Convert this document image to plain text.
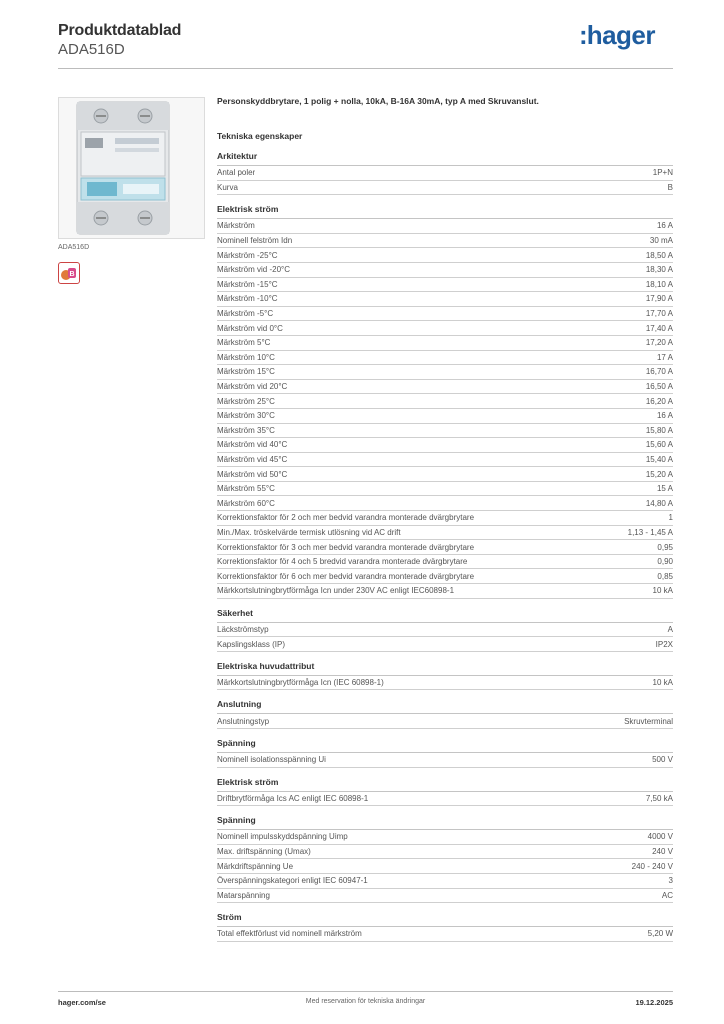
Produktdatablad
ADA516D	: hager
ADA516D
B
Personskyddbrytare, 1 polig + nolla, 10kA, B-16A 30mA, typ A med Skruvanslut.
Tekniska egenskaper
Arkitektur
Antal poler	1P+N
Kurva	B
Elektrisk ström
Märkström	16 A
Nominell felström Idn	30 mA
Märkström -25°C	18,50 A
Märkström vid -20°C	18,30 A
Märkström -15°C	18,10 A
Märkström -10°C	17,90 A
Märkström -5°C	17,70 A
Märkström vid 0°C	17,40 A
Märkström 5°C	17,20 A
Märkström 10°C	17 A
Märkström 15°C	16,70 A
Märkström vid 20°C	16,50 A
Märkström 25°C	16,20 A
Märkström 30°C	16 A
Märkström 35°C	15,80 A
Märkström vid 40°C	15,60 A
Märkström vid 45°C	15,40 A
Märkström vid 50°C	15,20 A
Märkström 55°C	15 A
Märkström 60°C	14,80 A
Korrektionsfaktor för 2 och mer bedvid varandra monterade dvärgbrytare	1
Min./Max. tröskelvärde termisk utlösning vid AC drift	1,13 - 1,45 A
Korrektionsfaktor för 3 och mer bedvid varandra monterade dvärgbrytare	0,95
Korrektionsfaktor för 4 och 5 bredvid varandra monterade dvärgbrytare	0,90
Korrektionsfaktor för 6 och mer bedvid varandra monterade dvärgbrytare	0,85
Märkkortslutningbrytförmåga Icn under 230V AC enligt IEC60898-1	10 kA
Säkerhet
Läckströmstyp	A
Kapslingsklass (IP)	IP2X
Elektriska huvudattribut
Märkkortslutningbrytförmåga Icn (IEC 60898-1)	10 kA
Anslutning
Anslutningstyp	Skruvterminal
Spänning
Nominell isolationsspänning Ui	500 V
Elektrisk ström
Driftbrytförmåga Ics AC enligt IEC 60898-1	7,50 kA
Spänning
Nominell impulsskyddspänning Uimp	4000 V
Max. driftspänning (Umax)	240 V
Märkdriftspänning Ue	240 - 240 V
Överspänningskategori enligt IEC 60947-1	3
Matarspänning	AC
Ström
Total effektförlust vid nominell märkström	5,20 W
hager.com/se	Med reservation för tekniska ändringar	19.12.2025
